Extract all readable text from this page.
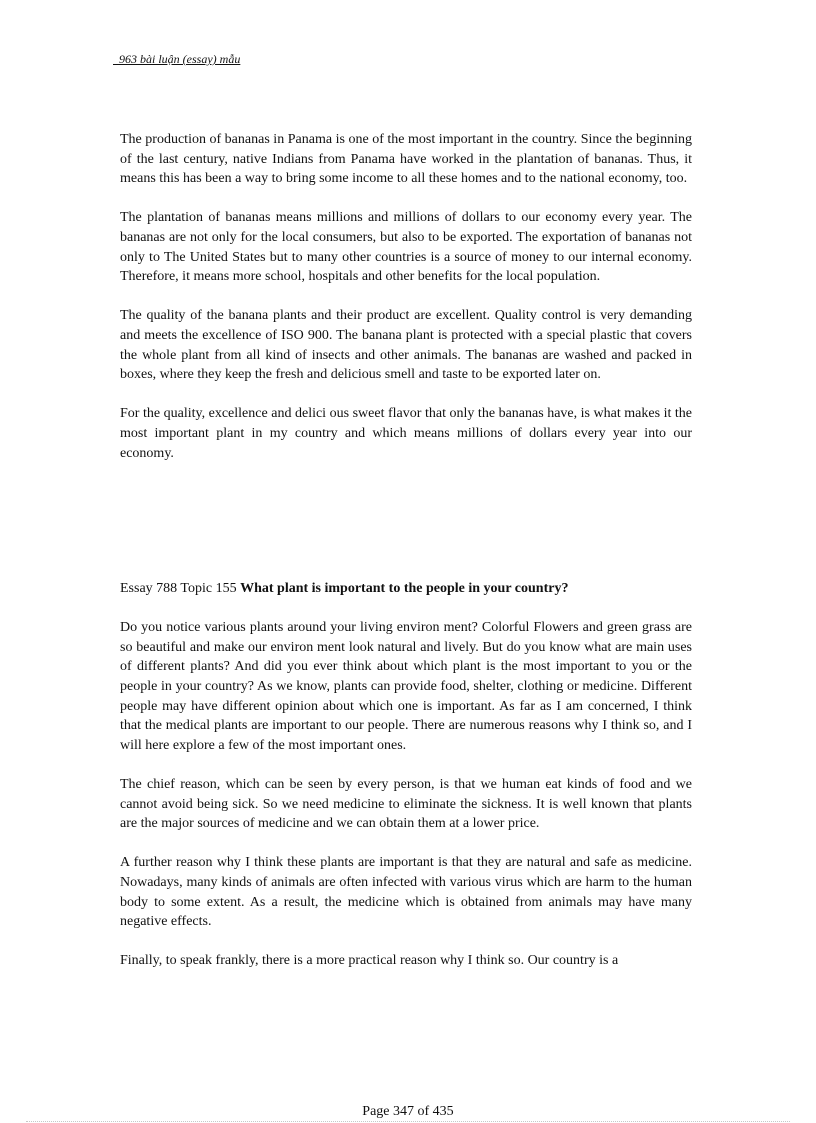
963 bài luận (essay) mẫu

The production of bananas in Panama is one of the most important in the country. Since the beginning of the last century, native Indians from Panama have worked in the plantation of bananas. Thus, it means this has been a way to bring some income to all these homes and to the national economy, too.

The plantation of bananas means millions and millions of dollars to our economy every year. The bananas are not only for the local consumers, but also to be exported. The exportation of bananas not only to The United States but to many other countries is a source of money to our internal economy. Therefore, it means more school, hospitals and other benefits for the local population.

The quality of the banana plants and their product are excellent. Quality control is very demanding and meets the excellence of ISO 900. The banana plant is protected with a special plastic that covers the whole plant from all kind of insects and other animals. The bananas are washed and packed in boxes, where they keep the fresh and delicious smell and taste to be exported later on.

For the quality, excellence and delici ous sweet flavor that only the bananas have, is what makes it the most important plant in my country and which means millions of dollars every year into our economy.

Essay 788 Topic 155 What plant is important to the people in your country?

Do you notice various plants around your living environ ment? Colorful Flowers and green grass are so beautiful and make our environ ment look natural and lively. But do you know what are main uses of different plants? And did you ever think about which plant is the most important to you or the people in your country? As we know, plants can provide food, shelter, clothing or medicine. Different people may have different opinion about which one is important. As far as I am concerned, I think that the medical plants are important to our people. There are numerous reasons why I think so, and I will here explore a few of the most important ones.

The chief reason, which can be seen by every person, is that we human eat kinds of food and we cannot avoid being sick. So we need medicine to eliminate the sickness. It is well known that plants are the major sources of medicine and we can obtain them at a lower price.

A further reason why I think these plants are important is that they are natural and safe as medicine. Nowadays, many kinds of animals are often infected with various virus which are harm to the human body to some extent. As a result, the medicine which is obtained from animals may have many negative effects.

Finally, to speak frankly, there is a more practical reason why I think so. Our country is a

Page 347 of 435
